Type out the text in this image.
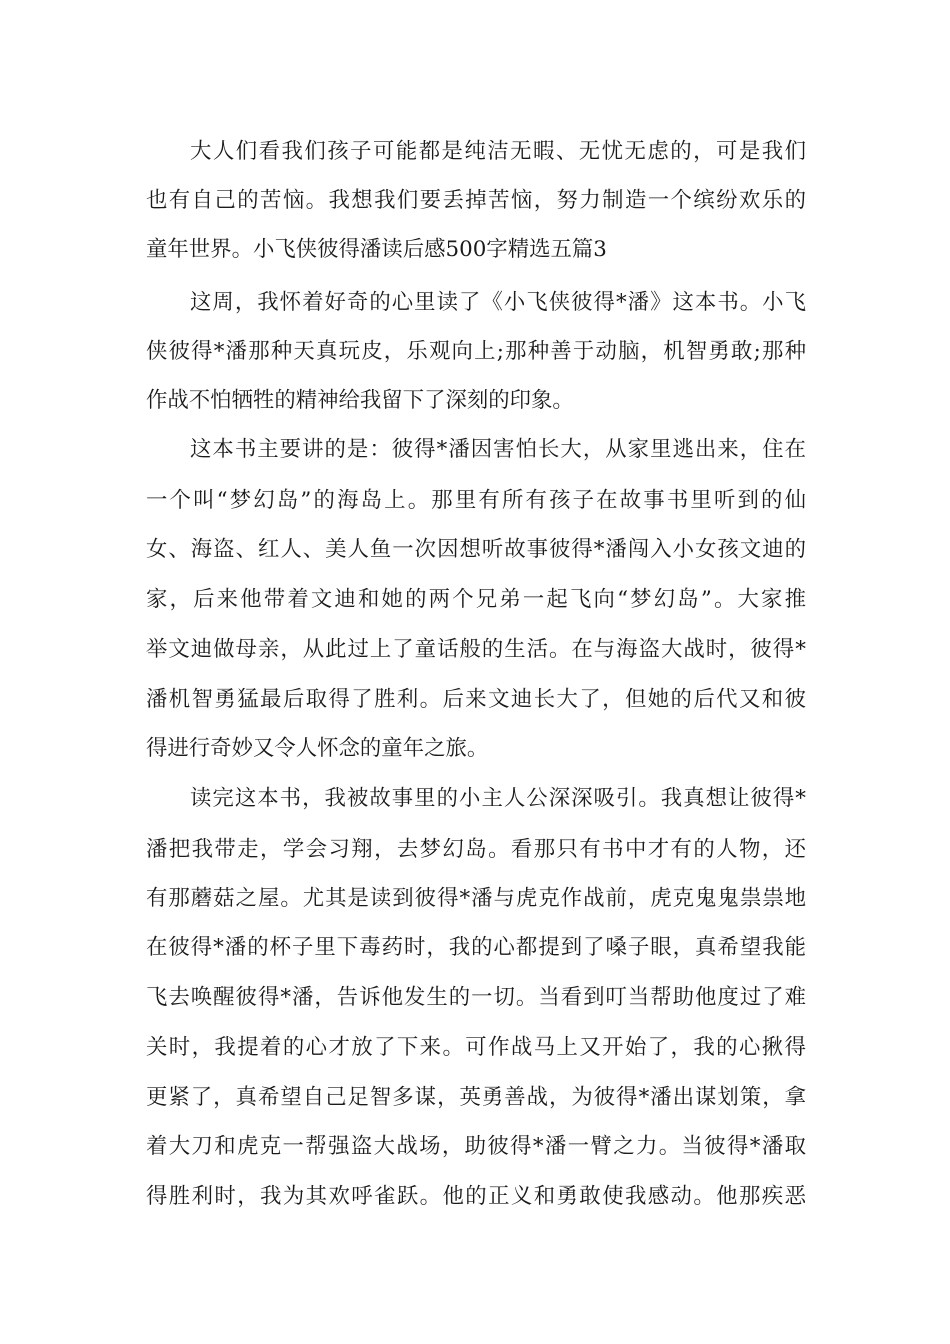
大人们看我们孩子可能都是纯洁无暇、无忧无虑的，可是我们
也有自己的苦恼。我想我们要丢掉苦恼，努力制造一个缤纷欢乐的
童年世界。小飞侠彼得潘读后感500字精选五篇3
这周，我怀着好奇的心里读了《小飞侠彼得*潘》这本书。小飞
侠彼得*潘那种天真玩皮，乐观向上;那种善于动脑，机智勇敢;那种
作战不怕牺牲的精神给我留下了深刻的印象。
这本书主要讲的是：彼得*潘因害怕长大，从家里逃出来，住在
一个叫“梦幻岛”的海岛上。那里有所有孩子在故事书里听到的仙
女、海盗、红人、美人鱼一次因想听故事彼得*潘闯入小女孩文迪的
家，后来他带着文迪和她的两个兄弟一起飞向“梦幻岛”。大家推
举文迪做母亲，从此过上了童话般的生活。在与海盗大战时，彼得*
潘机智勇猛最后取得了胜利。后来文迪长大了，但她的后代又和彼
得进行奇妙又令人怀念的童年之旅。
读完这本书，我被故事里的小主人公深深吸引。我真想让彼得*
潘把我带走，学会习翔，去梦幻岛。看那只有书中才有的人物，还
有那蘑菇之屋。尤其是读到彼得*潘与虎克作战前，虎克鬼鬼祟祟地
在彼得*潘的杯子里下毒药时，我的心都提到了嗓子眼，真希望我能
飞去唤醒彼得*潘，告诉他发生的一切。当看到叮当帮助他度过了难
关时，我提着的心才放了下来。可作战马上又开始了，我的心揪得
更紧了，真希望自己足智多谋，英勇善战，为彼得*潘出谋划策，拿
着大刀和虎克一帮强盗大战场，助彼得*潘一臂之力。当彼得*潘取
得胜利时，我为其欢呼雀跃。他的正义和勇敢使我感动。他那疾恶
